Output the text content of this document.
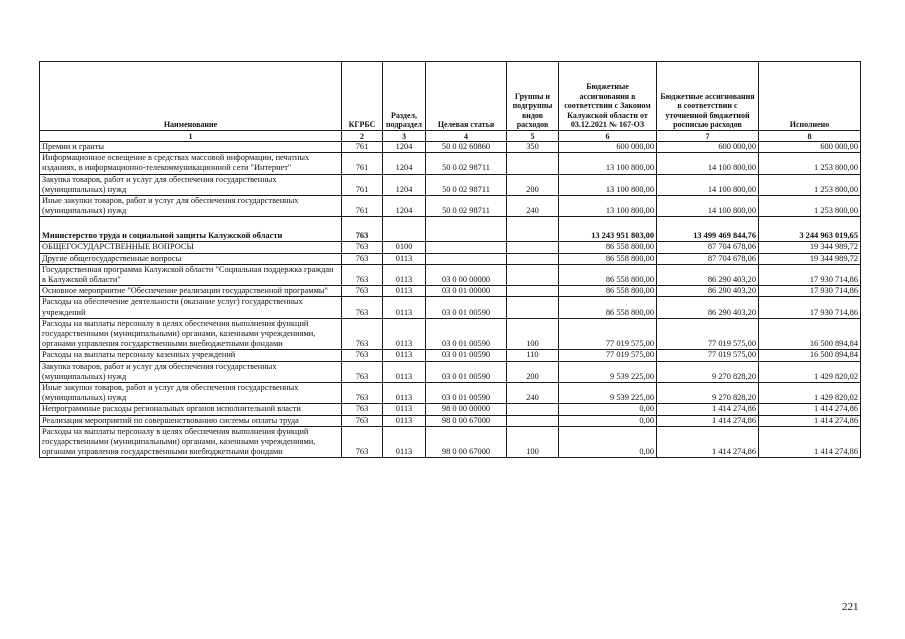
Наименование	КГРБС	Раздел, подраздел	Целевая статья	Группы и подгруппы видов расходов	Бюджетные ассигнования в соответствии с Законом Калужской области от 03.12.2021 № 167-ОЗ	Бюджетные ассигнования в соответствии с уточненной бюджетной росписью расходов	Исполнено
1	2	3	4	5	6	7	8
Премии и гранты	761	1204	50 0 02 60860	350	600 000,00	600 000,00	600 000,00
Информационное освещение в средствах массовой информации, печатных изданиях, в информационно-телекоммуникационной сети "Интернет"	761	1204	50 0 02 98711		13 100 800,00	14 100 800,00	1 253 800,00
Закупка товаров, работ и услуг для обеспечения государственных (муниципальных) нужд	761	1204	50 0 02 98711	200	13 100 800,00	14 100 800,00	1 253 800,00
Иные закупки товаров, работ и услуг для обеспечения государственных (муниципальных) нужд	761	1204	50 0 02 98711	240	13 100 800,00	14 100 800,00	1 253 800,00
Министерство труда и социальной защиты Калужской области	763				13 243 951 803,00	13 499 469 844,76	3 244 963 019,65
ОБЩЕГОСУДАРСТВЕННЫЕ ВОПРОСЫ	763	0100			86 558 800,00	87 704 678,06	19 344 989,72
Другие общегосударственные вопросы	763	0113			86 558 800,00	87 704 678,06	19 344 989,72
Государственная программа Калужской области "Социальная поддержка граждан в Калужской области"	763	0113	03 0 00 00000		86 558 800,00	86 290 403,20	17 930 714,86
Основное мероприятие "Обеспечение реализации государственной программы"	763	0113	03 0 01 00000		86 558 800,00	86 290 403,20	17 930 714,86
Расходы на обеспечение деятельности (оказание услуг) государственных учреждений	763	0113	03 0 01 00590		86 558 800,00	86 290 403,20	17 930 714,86
Расходы на выплаты персоналу в целях обеспечения выполнения функций государственными (муниципальными) органами, казенными учреждениями, органами управления государственными внебюджетными фондами	763	0113	03 0 01 00590	100	77 019 575,00	77 019 575,00	16 500 894,84
Расходы на выплаты персоналу казенных учреждений	763	0113	03 0 01 00590	110	77 019 575,00	77 019 575,00	16 500 894,84
Закупка товаров, работ и услуг для обеспечения государственных (муниципальных) нужд	763	0113	03 0 01 00590	200	9 539 225,00	9 270 828,20	1 429 820,02
Иные закупки товаров, работ и услуг для обеспечения государственных (муниципальных) нужд	763	0113	03 0 01 00590	240	9 539 225,00	9 270 828,20	1 429 820,02
Непрограммные расходы региональных органов исполнительной власти	763	0113	98 0 00 00000		0,00	1 414 274,86	1 414 274,86
Реализация мероприятий по совершенствованию системы оплаты труда	763	0113	98 0 00 67000		0,00	1 414 274,86	1 414 274,86
Расходы на выплаты персоналу в целях обеспечения выполнения функций государственными (муниципальными) органами, казенными учреждениями, органами управления государственными внебюджетными фондами	763	0113	98 0 00 67000	100	0,00	1 414 274,86	1 414 274,86
221
